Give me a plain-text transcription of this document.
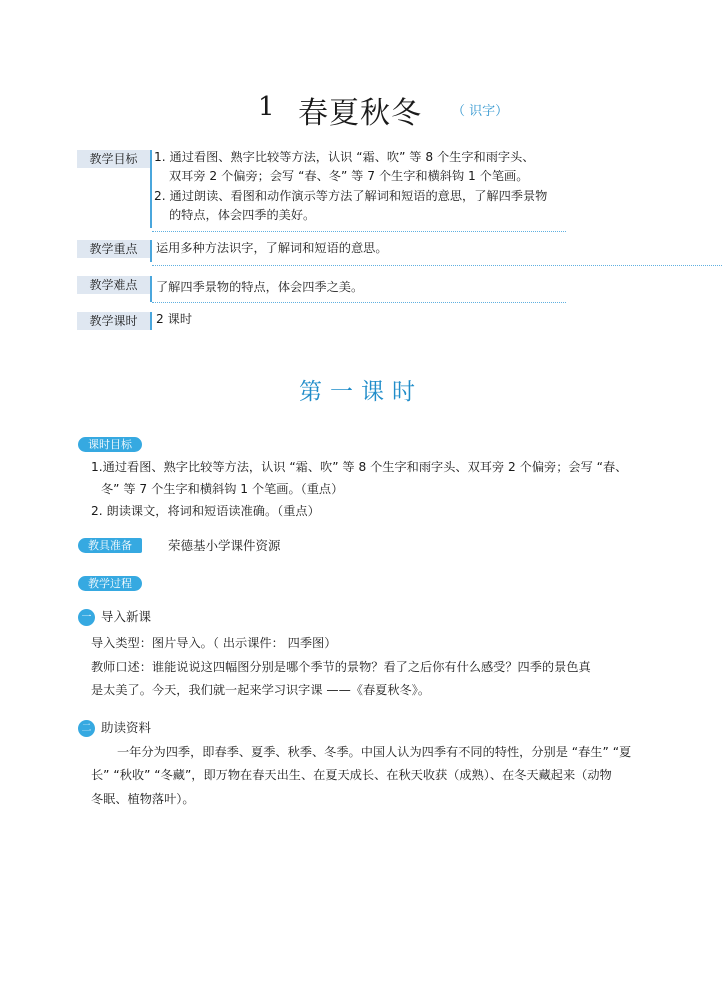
1 春夏秋冬 （ 识字）
教学目标	1. 通过看图、熟字比较等方法，认识 “霜、吹” 等 8 个生字和雨字头、
双耳旁 2 个偏旁；会写 “春、冬” 等 7 个生字和横斜钩 1 个笔画。
2. 通过朗读、看图和动作演示等方法了解词和短语的意思，了解四季景物
的特点，体会四季的美好。
教学重点	运用多种方法识字，了解词和短语的意思。
教学难点	了解四季景物的特点，体会四季之美。
教学课时	2 课时
第一课时
课时目标
1.通过看图、熟字比较等方法，认识 “霜、吹” 等 8 个生字和雨字头、双耳旁 2 个偏旁；会写 “春、
冬” 等 7 个生字和横斜钩 1 个笔画。（重点）
2. 朗读课文，将词和短语读准确。（重点）
教具准备	荣德基小学课件资源
教学过程
一 导入新课
导入类型：图片导入。（ 出示课件： 四季图）
教师口述：谁能说说这四幅图分别是哪个季节的景物？看了之后你有什么感受？四季的景色真
是太美了。今天，我们就一起来学习识字课 ——《春夏秋冬》。
二 助读资料
一年分为四季，即春季、夏季、秋季、冬季。中国人认为四季有不同的特性，分别是 “春生” “夏
长” “秋收” “冬藏”，即万物在春天出生、在夏天成长、在秋天收获（成熟）、在冬天藏起来（动物
冬眠、植物落叶）。
